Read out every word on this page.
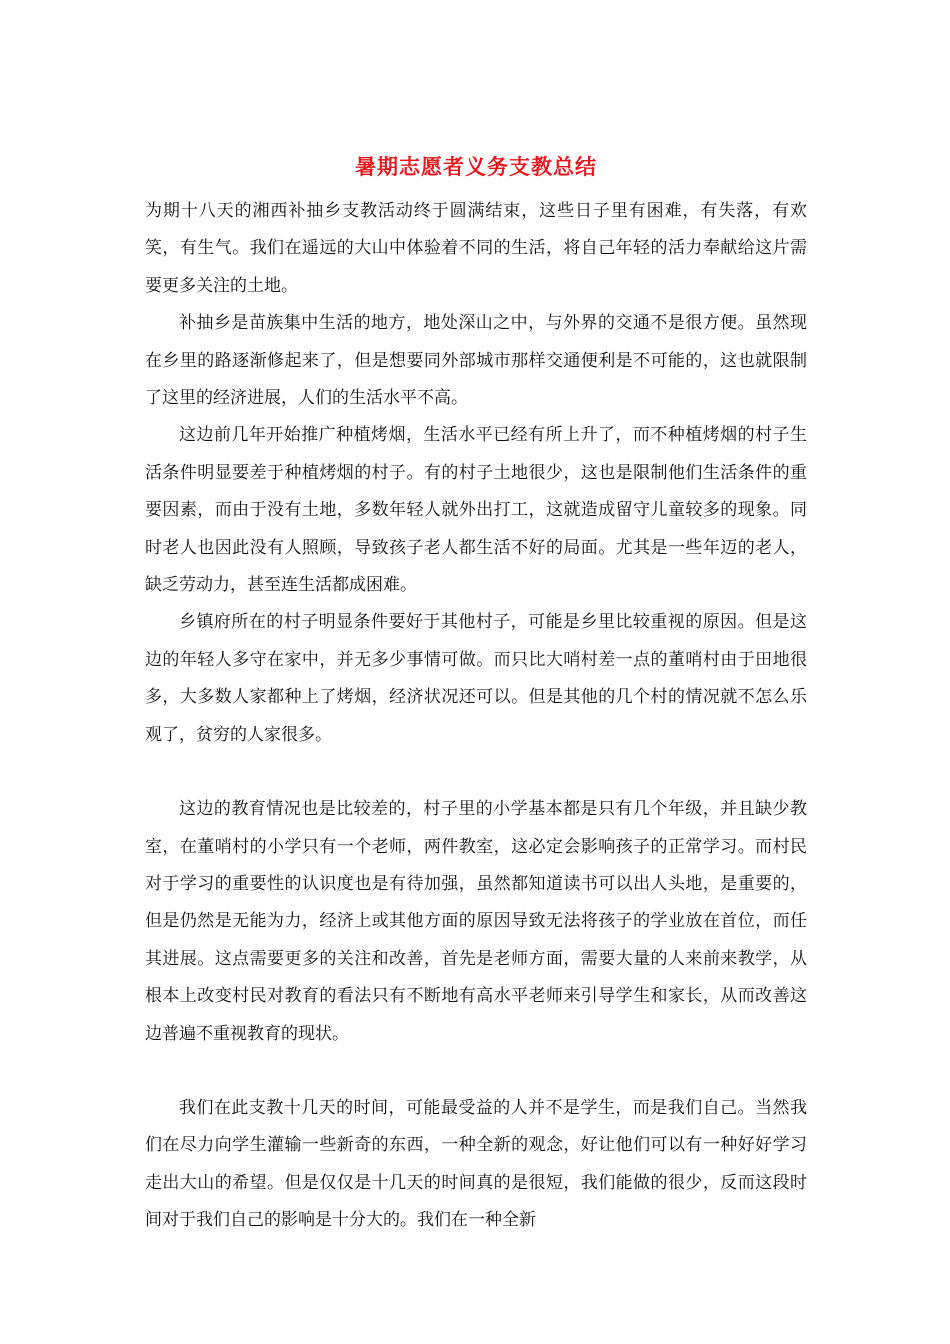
暑期志愿者义务支教总结

为期十八天的湘西补抽乡支教活动终于圆满结束，这些日子里有困难，有失落，有欢笑，有生气。我们在遥远的大山中体验着不同的生活，将自己年轻的活力奉献给这片需要更多关注的土地。

补抽乡是苗族集中生活的地方，地处深山之中，与外界的交通不是很方便。虽然现在乡里的路逐渐修起来了，但是想要同外部城市那样交通便利是不可能的，这也就限制了这里的经济进展，人们的生活水平不高。

这边前几年开始推广种植烤烟，生活水平已经有所上升了，而不种植烤烟的村子生活条件明显要差于种植烤烟的村子。有的村子土地很少，这也是限制他们生活条件的重要因素，而由于没有土地，多数年轻人就外出打工，这就造成留守儿童较多的现象。同时老人也因此没有人照顾，导致孩子老人都生活不好的局面。尤其是一些年迈的老人，缺乏劳动力，甚至连生活都成困难。

乡镇府所在的村子明显条件要好于其他村子，可能是乡里比较重视的原因。但是这边的年轻人多守在家中，并无多少事情可做。而只比大哨村差一点的董哨村由于田地很多，大多数人家都种上了烤烟，经济状况还可以。但是其他的几个村的情况就不怎么乐观了，贫穷的人家很多。

这边的教育情况也是比较差的，村子里的小学基本都是只有几个年级，并且缺少教室，在董哨村的小学只有一个老师，两件教室，这必定会影响孩子的正常学习。而村民对于学习的重要性的认识度也是有待加强，虽然都知道读书可以出人头地，是重要的，但是仍然是无能为力，经济上或其他方面的原因导致无法将孩子的学业放在首位，而任其进展。这点需要更多的关注和改善，首先是老师方面，需要大量的人来前来教学，从根本上改变村民对教育的看法只有不断地有高水平老师来引导学生和家长，从而改善这边普遍不重视教育的现状。

我们在此支教十几天的时间，可能最受益的人并不是学生，而是我们自己。当然我们在尽力向学生灌输一些新奇的东西，一种全新的观念，好让他们可以有一种好好学习走出大山的希望。但是仅仅是十几天的时间真的是很短，我们能做的很少，反而这段时间对于我们自己的影响是十分大的。我们在一种全新
